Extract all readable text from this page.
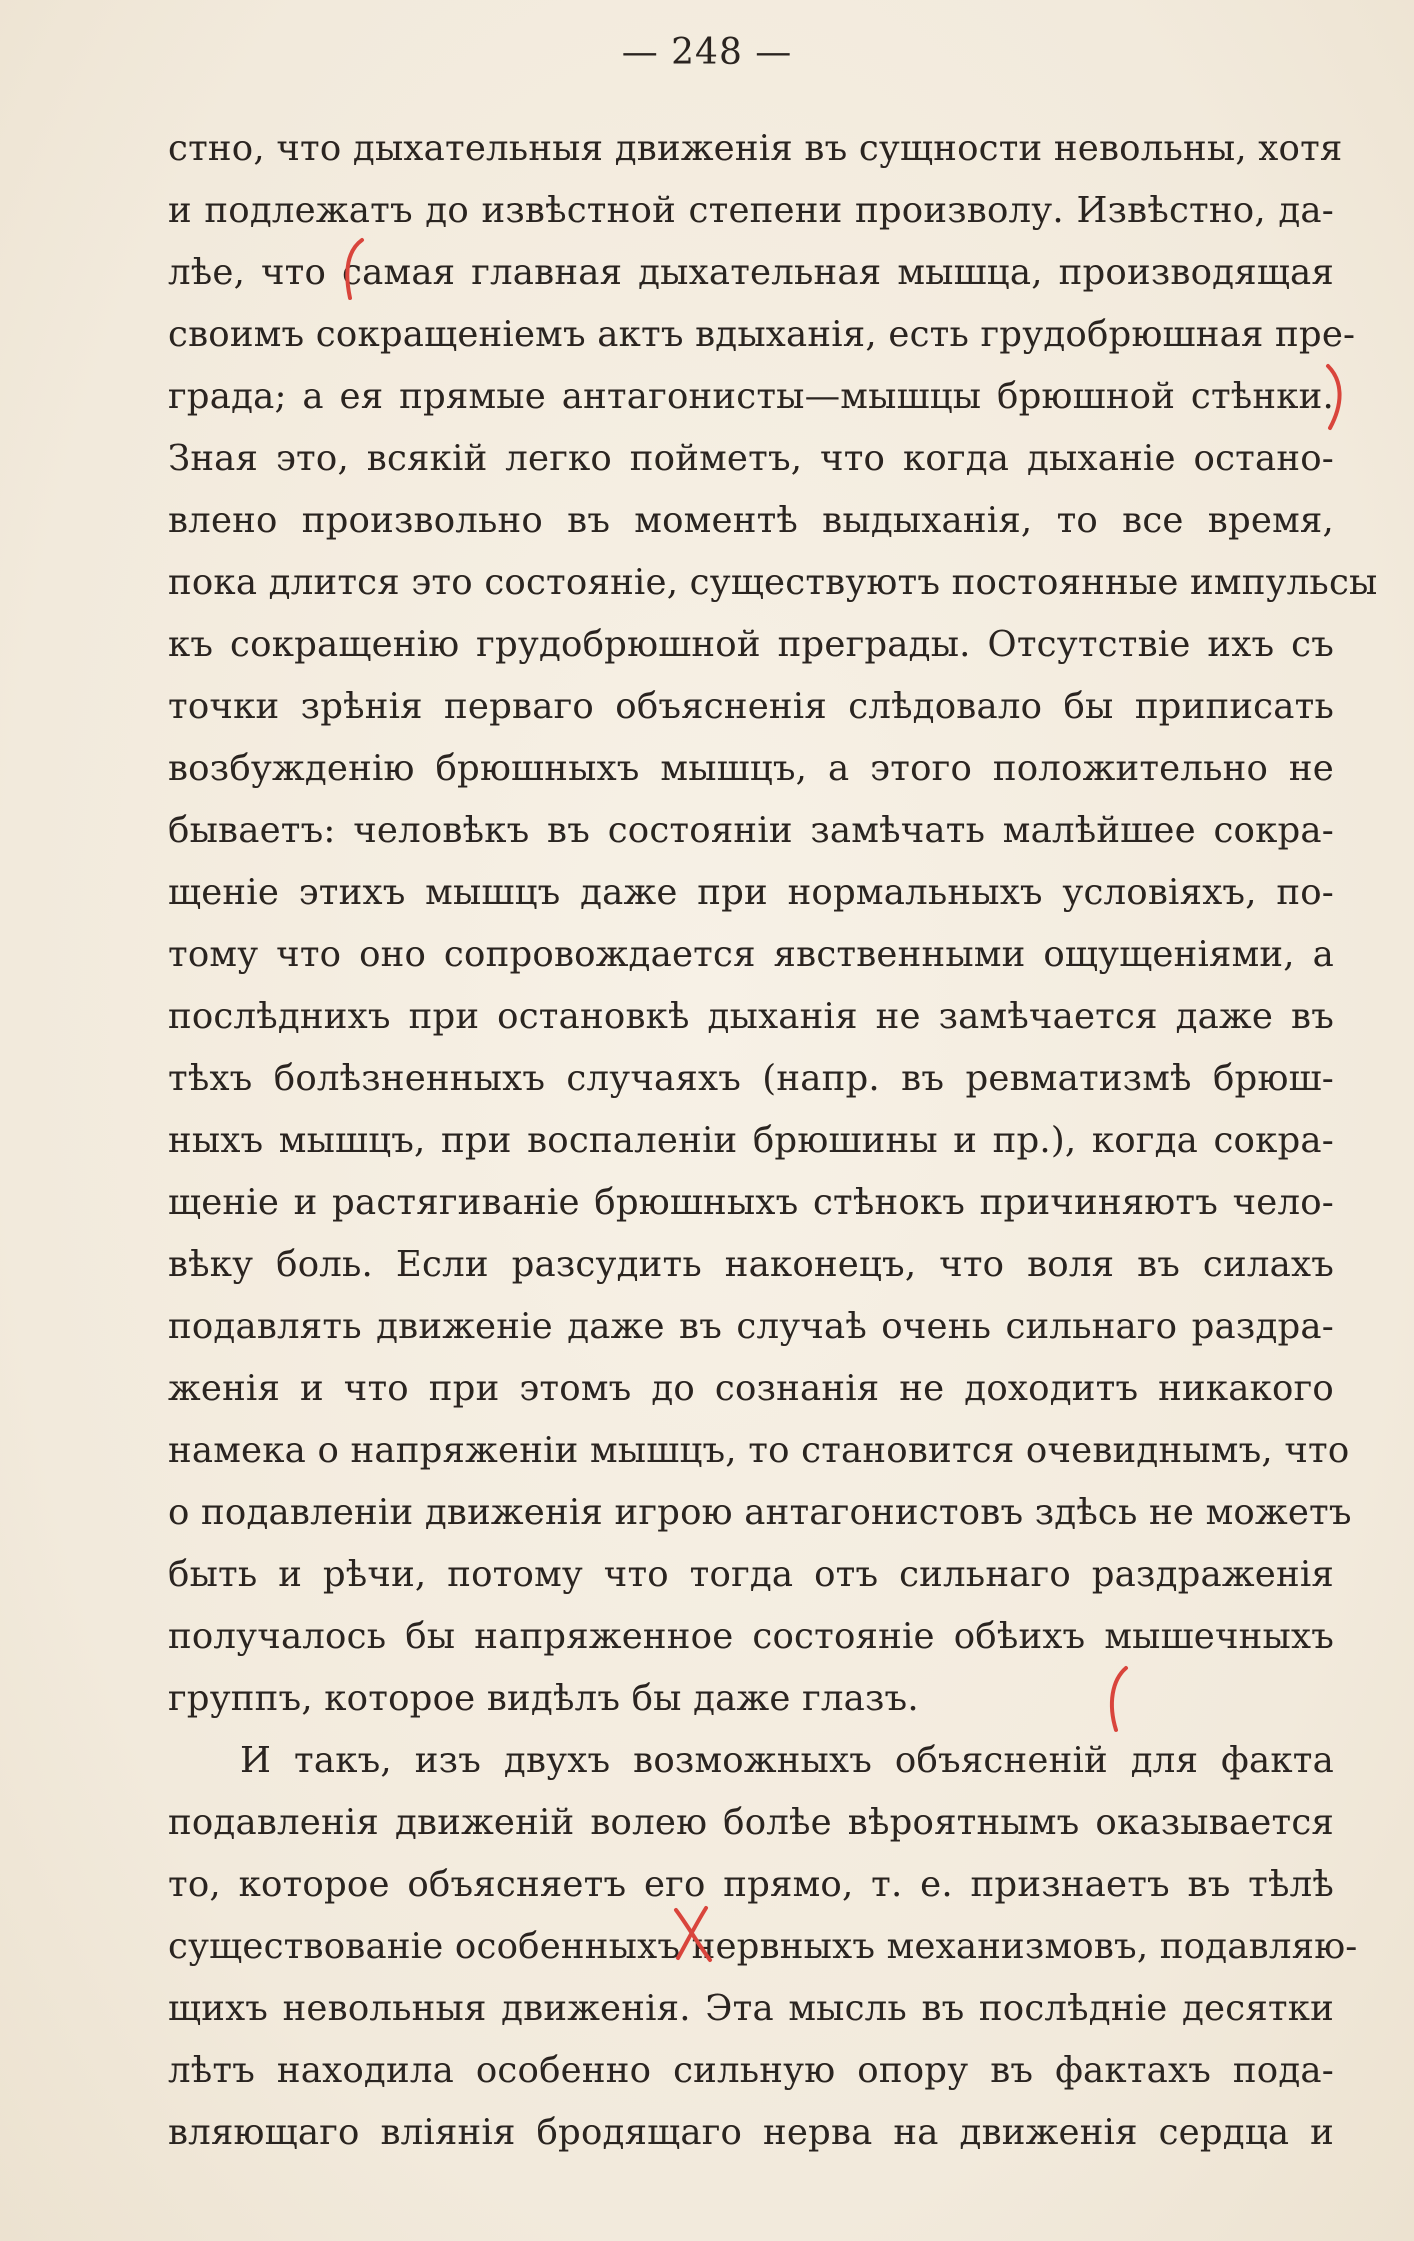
— 248 —
стно, что дыхательныя движенія въ сущности невольны, хотя
и подлежатъ до извѣстной степени произволу. Извѣстно, да-
лѣе, что самая главная дыхательная мышца, производящая
своимъ сокращеніемъ актъ вдыханія, есть грудобрюшная пре-
града; а ея прямые антагонисты—мышцы брюшной стѣнки.
Зная это, всякій легко пойметъ, что когда дыханіе остано-
влено произвольно въ моментѣ выдыханія, то все время,
пока длится это состояніе, существуютъ постоянные импульсы
къ сокращенію грудобрюшной преграды. Отсутствіе ихъ съ
точки зрѣнія перваго объясненія слѣдовало бы приписать
возбужденію брюшныхъ мышцъ, а этого положительно не
бываетъ: человѣкъ въ состояніи замѣчать малѣйшее сокра-
щеніе этихъ мышцъ даже при нормальныхъ условіяхъ, по-
тому что оно сопровождается явственными ощущеніями, а
послѣднихъ при остановкѣ дыханія не замѣчается даже въ
тѣхъ болѣзненныхъ случаяхъ (напр. въ ревматизмѣ брюш-
ныхъ мышцъ, при воспаленіи брюшины и пр.), когда сокра-
щеніе и растягиваніе брюшныхъ стѣнокъ причиняютъ чело-
вѣку боль. Если разсудить наконецъ, что воля въ силахъ
подавлять движеніе даже въ случаѣ очень сильнаго раздра-
женія и что при этомъ до сознанія не доходитъ никакого
намека о напряженіи мышцъ, то становится очевиднымъ, что
о подавленіи движенія игрою антагонистовъ здѣсь не можетъ
быть и рѣчи, потому что тогда отъ сильнаго раздраженія
получалось бы напряженное состояніе обѣихъ мышечныхъ
группъ, которое видѣлъ бы даже глазъ.
И такъ, изъ двухъ возможныхъ объясненій для факта
подавленія движеній волею болѣе вѣроятнымъ оказывается
то, которое объясняетъ его прямо, т. е. признаетъ въ тѣлѣ
существованіе особенныхъ нервныхъ механизмовъ, подавляю-
щихъ невольныя движенія. Эта мысль въ послѣдніе десятки
лѣтъ находила особенно сильную опору въ фактахъ пода-
вляющаго вліянія бродящаго нерва на движенія сердца и
